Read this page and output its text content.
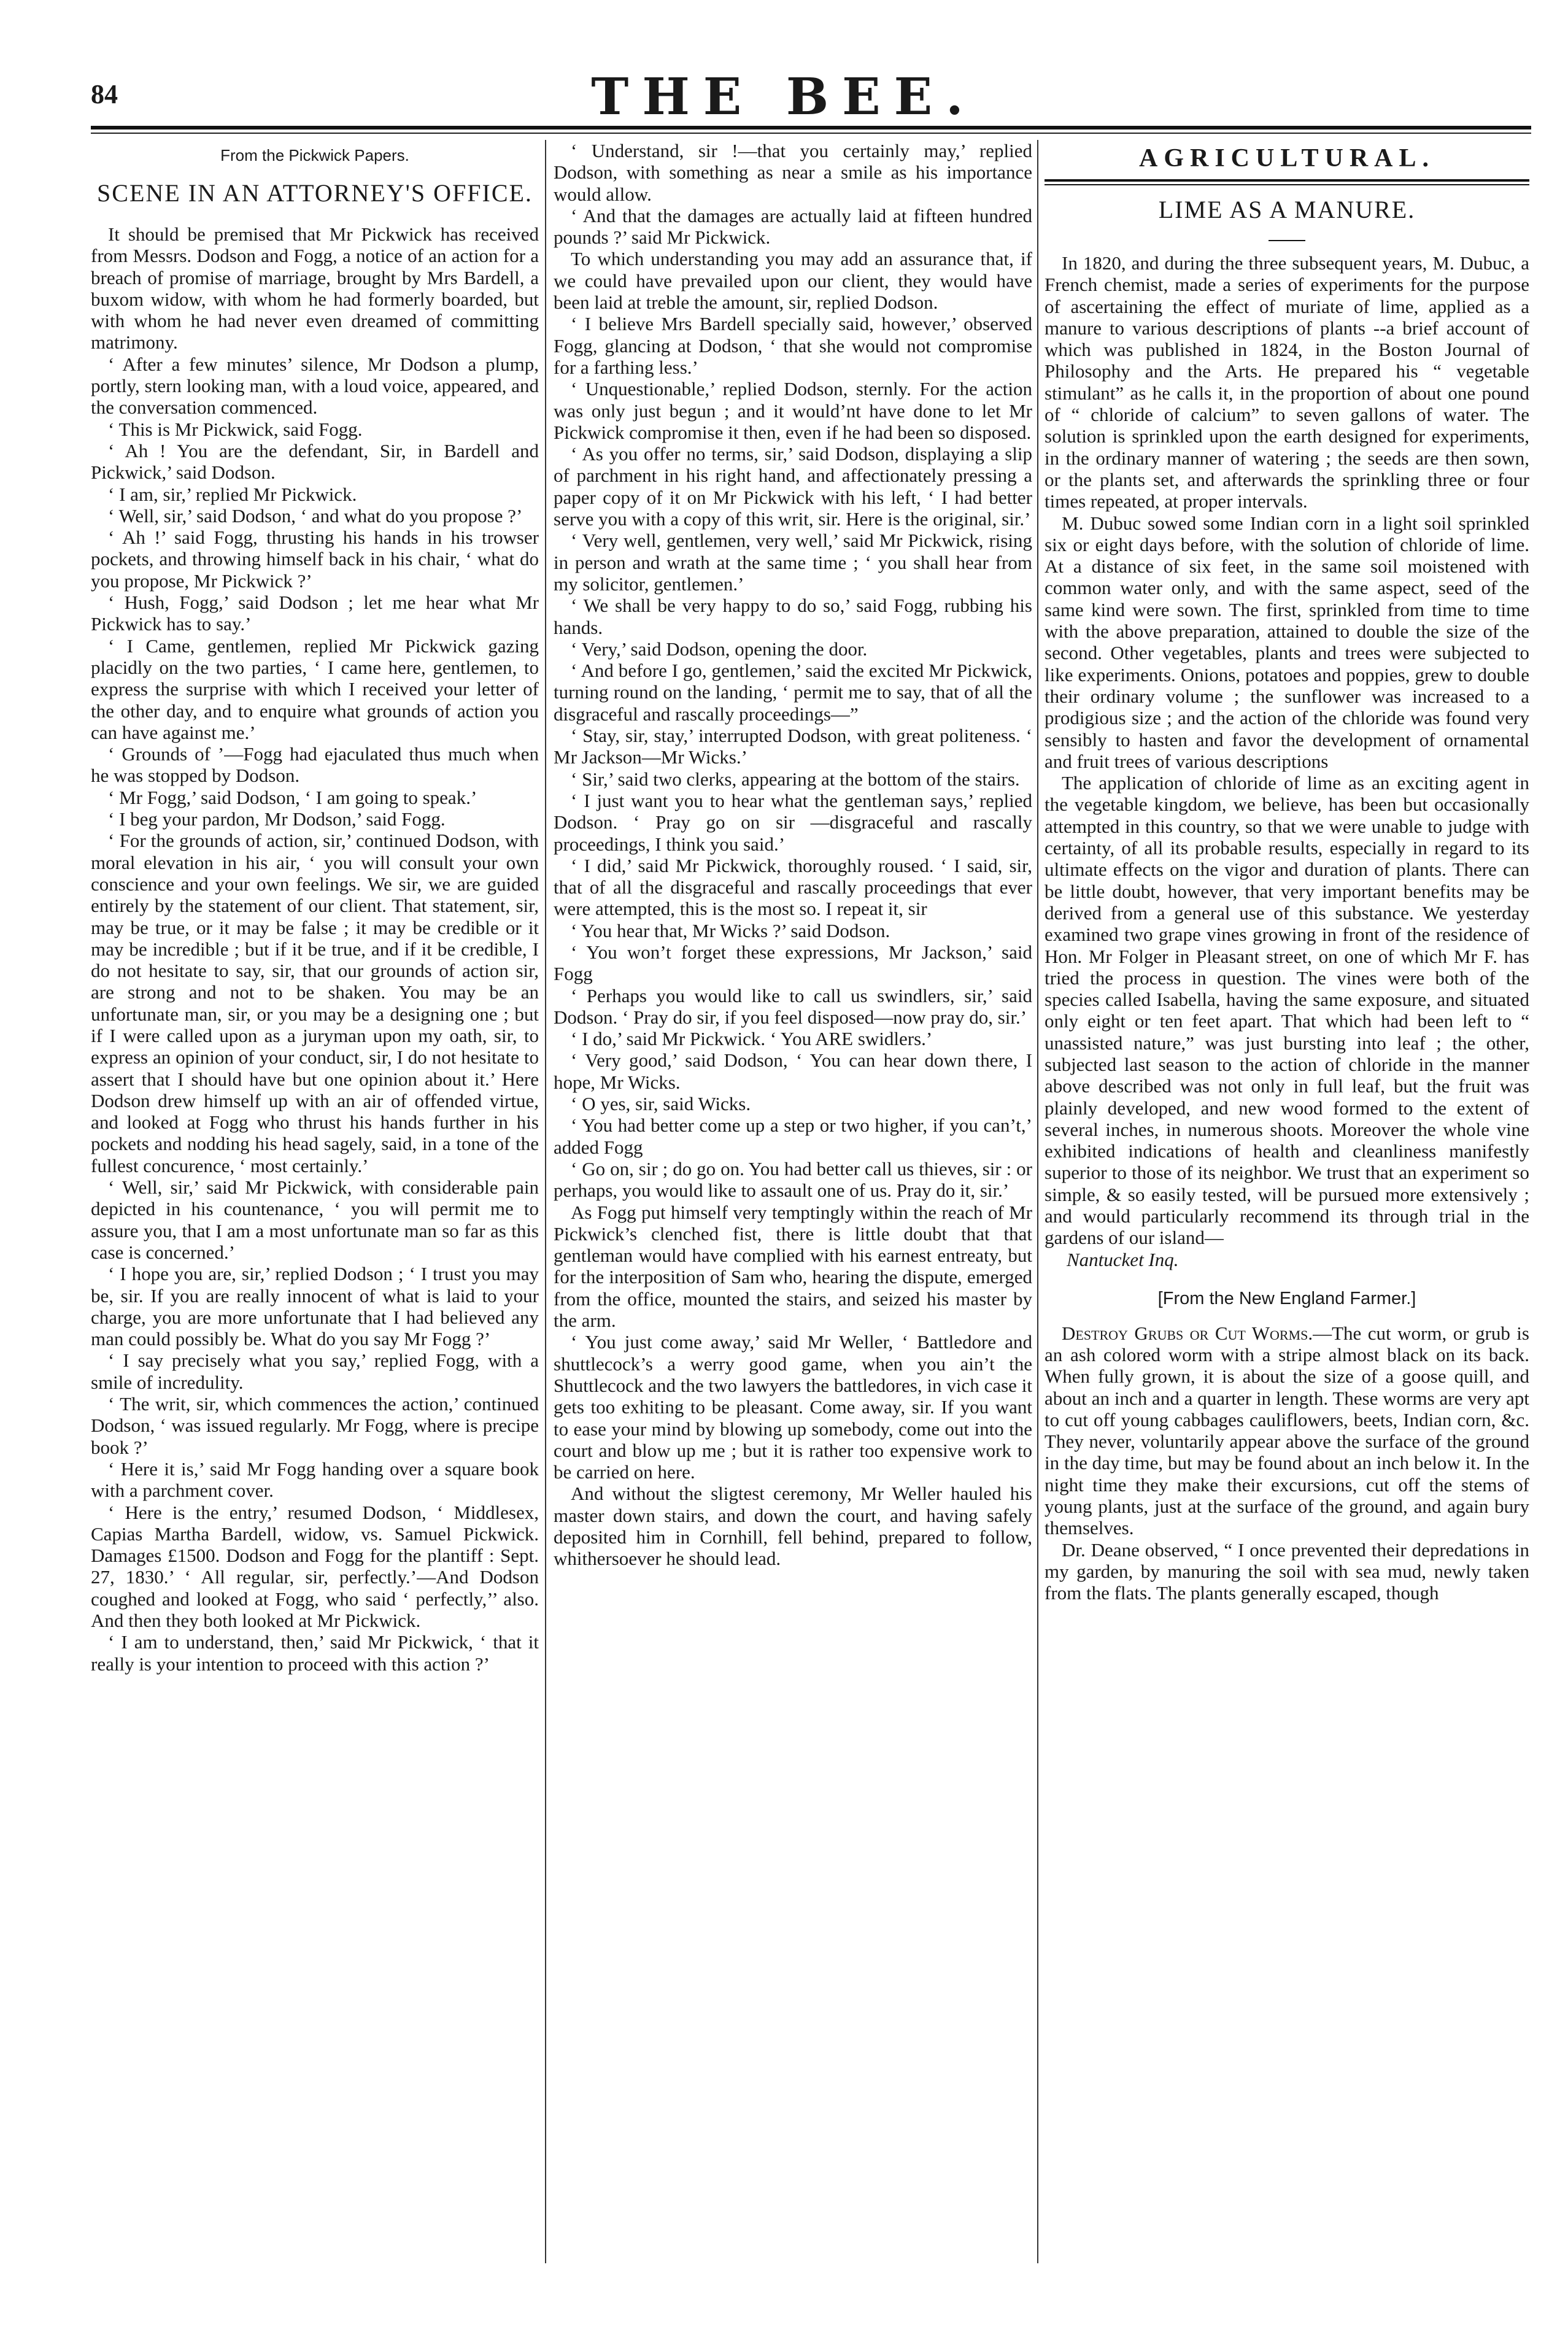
84	THE BEE.
From the Pickwick Papers.
SCENE IN AN ATTORNEY'S OFFICE.

It should be premised that Mr Pickwick has received from Messrs. Dodson and Fogg, a notice of an action for a breach of promise of marriage, brought by Mrs Bardell, a buxom widow, with whom he had formerly boarded, but with whom he had never even dreamed of committing matrimony.

‘ After a few minutes’ silence, Mr Dodson a plump, portly, stern looking man, with a loud voice, appeared, and the conversation commenced.

‘ This is Mr Pickwick, said Fogg.

‘ Ah ! You are the defendant, Sir, in Bardell and Pickwick,’ said Dodson.

‘ I am, sir,’ replied Mr Pickwick.

‘ Well, sir,’ said Dodson, ‘ and what do you propose ?’

‘ Ah !’ said Fogg, thrusting his hands in his trowser pockets, and throwing himself back in his chair, ‘ what do you propose, Mr Pickwick ?’

‘ Hush, Fogg,’ said Dodson ; let me hear what Mr Pickwick has to say.’

‘ I Came, gentlemen, replied Mr Pickwick gazing placidly on the two parties, ‘ I came here, gentlemen, to express the surprise with which I received your letter of the other day, and to enquire what grounds of action you can have against me.’

‘ Grounds of ’—Fogg had ejaculated thus much when he was stopped by Dodson.

‘ Mr Fogg,’ said Dodson, ‘ I am going to speak.’

‘ I beg your pardon, Mr Dodson,’ said Fogg.

‘ For the grounds of action, sir,’ continued Dodson, with moral elevation in his air, ‘ you will consult your own conscience and your own feelings. We sir, we are guided entirely by the statement of our client. That statement, sir, may be true, or it may be false ; it may be credible or it may be incredible ; but if it be true, and if it be credible, I do not hesitate to say, sir, that our grounds of action sir, are strong and not to be shaken. You may be an unfortunate man, sir, or you may be a designing one ; but if I were called upon as a juryman upon my oath, sir, to express an opinion of your conduct, sir, I do not hesitate to assert that I should have but one opinion about it.’ Here Dodson drew himself up with an air of offended virtue, and looked at Fogg who thrust his hands further in his pockets and nodding his head sagely, said, in a tone of the fullest concurence, ‘ most certainly.’

‘ Well, sir,’ said Mr Pickwick, with considerable pain depicted in his countenance, ‘ you will permit me to assure you, that I am a most unfortunate man so far as this case is concerned.’

‘ I hope you are, sir,’ replied Dodson ; ‘ I trust you may be, sir. If you are really innocent of what is laid to your charge, you are more unfortunate that I had believed any man could possibly be. What do you say Mr Fogg ?’

‘ I say precisely what you say,’ replied Fogg, with a smile of incredulity.

‘ The writ, sir, which commences the action,’ continued Dodson, ‘ was issued regularly. Mr Fogg, where is precipe book ?’

‘ Here it is,’ said Mr Fogg handing over a square book with a parchment cover.

‘ Here is the entry,’ resumed Dodson, ‘ Middlesex, Capias Martha Bardell, widow, vs. Samuel Pickwick. Damages £1500. Dodson and Fogg for the plantiff : Sept. 27, 1830.’ ‘ All regular, sir, perfectly.’—And Dodson coughed and looked at Fogg, who said ‘ perfectly,’’ also. And then they both looked at Mr Pickwick.

‘ I am to understand, then,’ said Mr Pickwick, ‘ that it really is your intention to proceed with this action ?’

‘ Understand, sir !—that you certainly may,’ replied Dodson, with something as near a smile as his importance would allow.

‘ And that the damages are actually laid at fifteen hundred pounds ?’ said Mr Pickwick.

To which understanding you may add an assurance that, if we could have prevailed upon our client, they would have been laid at treble the amount, sir, replied Dodson.

‘ I believe Mrs Bardell specially said, however,’ observed Fogg, glancing at Dodson, ‘ that she would not compromise for a farthing less.’

‘ Unquestionable,’ replied Dodson, sternly. For the action was only just begun ; and it would’nt have done to let Mr Pickwick compromise it then, even if he had been so disposed.

‘ As you offer no terms, sir,’ said Dodson, displaying a slip of parchment in his right hand, and affectionately pressing a paper copy of it on Mr Pickwick with his left, ‘ I had better serve you with a copy of this writ, sir. Here is the original, sir.’

‘ Very well, gentlemen, very well,’ said Mr Pickwick, rising in person and wrath at the same time ; ‘ you shall hear from my solicitor, gentlemen.’

‘ We shall be very happy to do so,’ said Fogg, rubbing his hands.

‘ Very,’ said Dodson, opening the door.

‘ And before I go, gentlemen,’ said the excited Mr Pickwick, turning round on the landing, ‘ permit me to say, that of all the disgraceful and rascally proceedings—”

‘ Stay, sir, stay,’ interrupted Dodson, with great politeness. ‘ Mr Jackson—Mr Wicks.’

‘ Sir,’ said two clerks, appearing at the bottom of the stairs.

‘ I just want you to hear what the gentleman says,’ replied Dodson. ‘ Pray go on sir —disgraceful and rascally proceedings, I think you said.’

‘ I did,’ said Mr Pickwick, thoroughly roused. ‘ I said, sir, that of all the disgraceful and rascally proceedings that ever were attempted, this is the most so. I repeat it, sir

‘ You hear that, Mr Wicks ?’ said Dodson.

‘ You won’t forget these expressions, Mr Jackson,’ said Fogg

‘ Perhaps you would like to call us swindlers, sir,’ said Dodson. ‘ Pray do sir, if you feel disposed—now pray do, sir.’

‘ I do,’ said Mr Pickwick. ‘ You ARE swidlers.’

‘ Very good,’ said Dodson, ‘ You can hear down there, I hope, Mr Wicks.

‘ O yes, sir, said Wicks.

‘ You had better come up a step or two higher, if you can’t,’ added Fogg

‘ Go on, sir ; do go on. You had better call us thieves, sir : or perhaps, you would like to assault one of us. Pray do it, sir.’

As Fogg put himself very temptingly within the reach of Mr Pickwick’s clenched fist, there is little doubt that that gentleman would have complied with his earnest entreaty, but for the interposition of Sam who, hearing the dispute, emerged from the office, mounted the stairs, and seized his master by the arm.

‘ You just come away,’ said Mr Weller, ‘ Battledore and shuttlecock’s a werry good game, when you ain’t the Shuttlecock and the two lawyers the battledores, in vich case it gets too exhiting to be pleasant. Come away, sir. If you want to ease your mind by blowing up somebody, come out into the court and blow up me ; but it is rather too expensive work to be carried on here.

And without the sligtest ceremony, Mr Weller hauled his master down stairs, and down the court, and having safely deposited him in Cornhill, fell behind, prepared to follow, whithersoever he should lead.

AGRICULTURAL.
LIME AS A MANURE.

In 1820, and during the three subsequent years, M. Dubuc, a French chemist, made a series of experiments for the purpose of ascertaining the effect of muriate of lime, applied as a manure to various descriptions of plants --a brief account of which was published in 1824, in the Boston Journal of Philosophy and the Arts. He prepared his “ vegetable stimulant” as he calls it, in the proportion of about one pound of “ chloride of calcium” to seven gallons of water. The solution is sprinkled upon the earth designed for experiments, in the ordinary manner of watering ; the seeds are then sown, or the plants set, and afterwards the sprinkling three or four times repeated, at proper intervals.

M. Dubuc sowed some Indian corn in a light soil sprinkled six or eight days before, with the solution of chloride of lime. At a distance of six feet, in the same soil moistened with common water only, and with the same aspect, seed of the same kind were sown. The first, sprinkled from time to time with the above preparation, attained to double the size of the second. Other vegetables, plants and trees were subjected to like experiments. Onions, potatoes and poppies, grew to double their ordinary volume ; the sunflower was increased to a prodigious size ; and the action of the chloride was found very sensibly to hasten and favor the development of ornamental and fruit trees of various descriptions

The application of chloride of lime as an exciting agent in the vegetable kingdom, we believe, has been but occasionally attempted in this country, so that we were unable to judge with certainty, of all its probable results, especially in regard to its ultimate effects on the vigor and duration of plants. There can be little doubt, however, that very important benefits may be derived from a general use of this substance. We yesterday examined two grape vines growing in front of the residence of Hon. Mr Folger in Pleasant street, on one of which Mr F. has tried the process in question. The vines were both of the species called Isabella, having the same exposure, and situated only eight or ten feet apart. That which had been left to “ unassisted nature,” was just bursting into leaf ; the other, subjected last season to the action of chloride in the manner above described was not only in full leaf, but the fruit was plainly developed, and new wood formed to the extent of several inches, in numerous shoots. Moreover the whole vine exhibited indications of health and cleanliness manifestly superior to those of its neighbor. We trust that an experiment so simple, & so easily tested, will be pursued more extensively ; and would particularly recommend its through trial in the gardens of our island—

Nantucket Inq.
[From the New England Farmer.]

Destroy Grubs or Cut Worms.—The cut worm, or grub is an ash colored worm with a stripe almost black on its back. When fully grown, it is about the size of a goose quill, and about an inch and a quarter in length. These worms are very apt to cut off young cabbages cauliflowers, beets, Indian corn, &c. They never, voluntarily appear above the surface of the ground in the day time, but may be found about an inch below it. In the night time they make their excursions, cut off the stems of young plants, just at the surface of the ground, and again bury themselves.

Dr. Deane observed, “ I once prevented their depredations in my garden, by manuring the soil with sea mud, newly taken from the flats. The plants generally escaped, though
